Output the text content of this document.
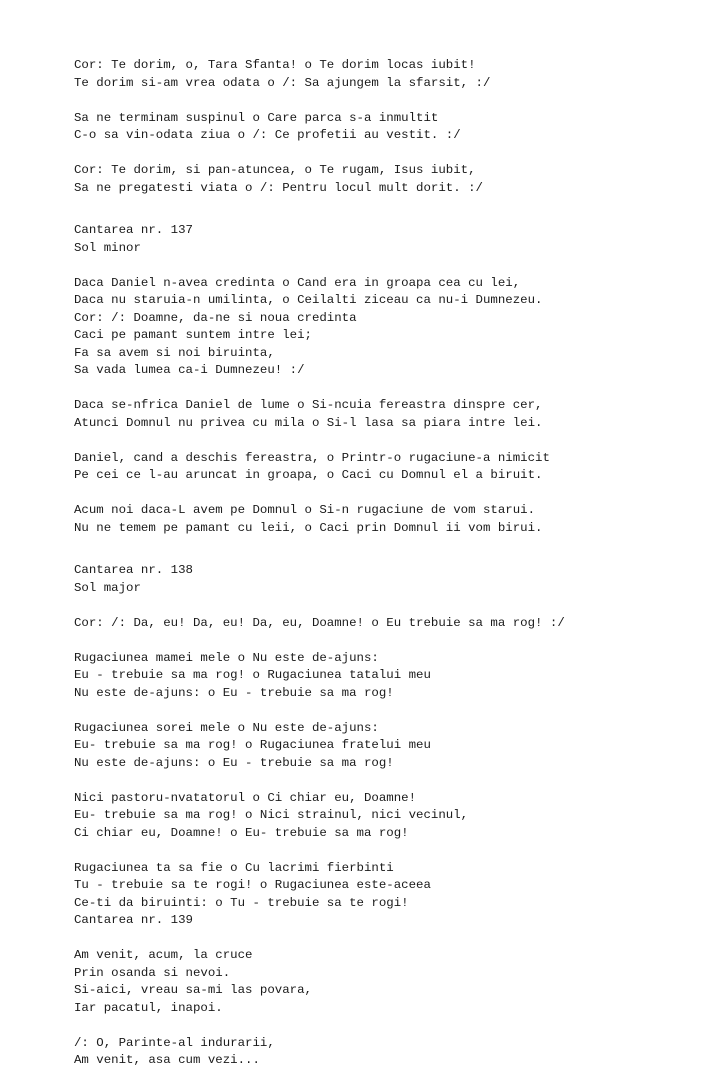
Cor: Te dorim, o, Tara Sfanta! o Te dorim locas iubit!
Te dorim si-am vrea odata o /: Sa ajungem la sfarsit, :/
Sa ne terminam suspinul o Care parca s-a inmultit
C-o sa vin-odata ziua o /: Ce profetii au vestit. :/
Cor: Te dorim, si pan-atuncea, o Te rugam, Isus iubit,
Sa ne pregatesti viata o /: Pentru locul mult dorit. :/
Cantarea nr. 137
Sol minor
Daca Daniel n-avea credinta o Cand era in groapa cea cu lei,
Daca nu staruia-n umilinta, o Ceilalti ziceau ca nu-i Dumnezeu.
Cor: /: Doamne, da-ne si noua credinta
Caci pe pamant suntem intre lei;
Fa sa avem si noi biruinta,
Sa vada lumea ca-i Dumnezeu! :/
Daca se-nfrica Daniel de lume o Si-ncuia fereastra dinspre cer,
Atunci Domnul nu privea cu mila o Si-l lasa sa piara intre lei.
Daniel, cand a deschis fereastra, o Printr-o rugaciune-a nimicit
Pe cei ce l-au aruncat in groapa, o Caci cu Domnul el a biruit.
Acum noi daca-L avem pe Domnul o Si-n rugaciune de vom starui.
Nu ne temem pe pamant cu leii, o Caci prin Domnul ii vom birui.
Cantarea nr. 138
Sol major
Cor: /: Da, eu! Da, eu! Da, eu, Doamne! o Eu trebuie sa ma rog! :/
Rugaciunea mamei mele o Nu este de-ajuns:
Eu - trebuie sa ma rog! o Rugaciunea tatalui meu
Nu este de-ajuns: o Eu - trebuie sa ma rog!
Rugaciunea sorei mele o Nu este de-ajuns:
Eu- trebuie sa ma rog! o Rugaciunea fratelui meu
Nu este de-ajuns: o Eu - trebuie sa ma rog!
Nici pastoru-nvatatorul o Ci chiar eu, Doamne!
Eu- trebuie sa ma rog! o Nici strainul, nici vecinul,
Ci chiar eu, Doamne! o Eu- trebuie sa ma rog!
Rugaciunea ta sa fie o Cu lacrimi fierbinti
Tu - trebuie sa te rogi! o Rugaciunea este-aceea
Ce-ti da biruinti: o Tu - trebuie sa te rogi!
Cantarea nr. 139
Am venit, acum, la cruce
Prin osanda si nevoi.
Si-aici, vreau sa-mi las povara,
Iar pacatul, inapoi.
/: O, Parinte-al indurarii,
Am venit, asa cum vezi...
